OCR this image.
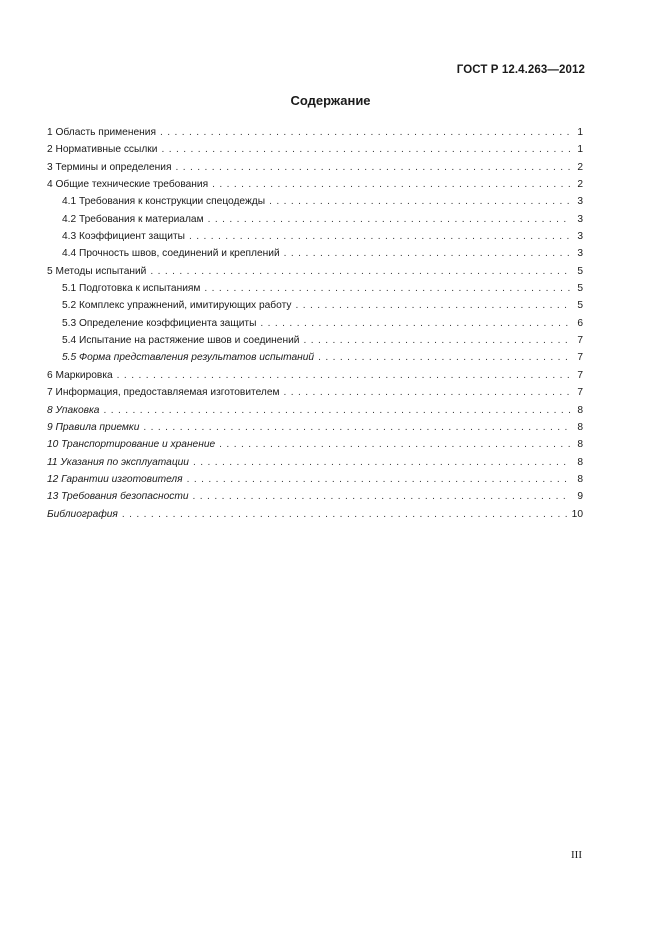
ГОСТ Р 12.4.263—2012
Содержание
1 Область применения . . .	1
2 Нормативные ссылки . . .	1
3 Термины и определения . . .	2
4 Общие технические требования . . .	2
4.1 Требования к конструкции спецодежды . . .	3
4.2 Требования к материалам . . .	3
4.3 Коэффициент защиты . . .	3
4.4 Прочность швов, соединений и креплений . . .	3
5 Методы испытаний . . .	5
5.1 Подготовка к испытаниям . . .	5
5.2 Комплекс упражнений, имитирующих работу . . .	5
5.3 Определение коэффициента защиты . . .	6
5.4 Испытание на растяжение швов и соединений . . .	7
5.5 Форма представления результатов испытаний . . .	7
6 Маркировка . . .	7
7 Информация, предоставляемая изготовителем . . .	7
8 Упаковка . . .	8
9 Правила приемки . . .	8
10 Транспортирование и хранение . . .	8
11 Указания по эксплуатации . . .	8
12 Гарантии изготовителя . . .	8
13 Требования безопасности . . .	9
Библиография . . .	10
III
